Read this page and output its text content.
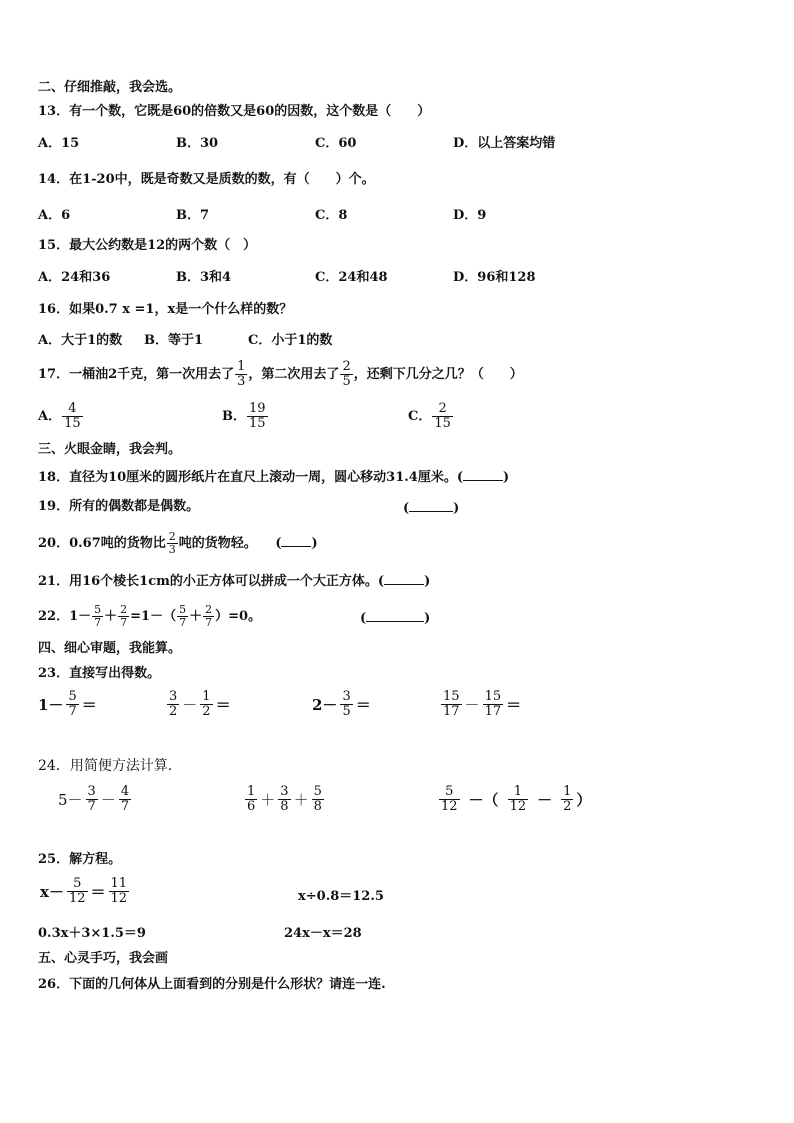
二、仔细推敲，我会选。
13．有一个数，它既是60的倍数又是60的因数，这个数是（　　）
A．15	B．30	C．60	D．以上答案均错
14．在1-20中，既是奇数又是质数的数，有（　　）个。
A．6	B．7	C．8	D．9
15．最大公约数是12的两个数（　）
A．24和36	B．3和4	C．24和48	D．96和128
16．如果0.7 x =1，x是一个什么样的数？
A．大于1的数 B．等于1	C．小于1的数
17．一桶油2千克，第一次用去了 $\frac{1}{3}$ ，第二次用去了 $\frac{2}{5}$ ，还剩下几分之几？（　　）
A． $\frac{4}{15}$	B． $\frac{19}{15}$	C． $\frac{2}{15}$
三、火眼金睛，我会判。
18．直径为10厘米的圆形纸片在直尺上滚动一周，圆心移动31.4厘米。(	)
19．所有的偶数都是偶数。	(	)
20．0.67吨的货物比 $\frac{2}{3}$ 吨的货物轻。 ( )
21．用16个棱长1cm的小正方体可以拼成一个大正方体。(	)
22．$1- \frac{5}{7} + \frac{2}{7} =1-( \frac{5}{7} + \frac{2}{7} )=0$。	(	)
四、细心审题，我能算。
23．直接写出得数。
$1- \frac{5}{7}$ ＝	$\frac{3}{2} - \frac{1}{2}$ ＝	$2- \frac{3}{5}$ ＝	$\frac{15}{17} - \frac{15}{17}$ ＝
24．用简便方法计算.
$5- \frac{3}{7} - \frac{4}{7}$	$\frac{1}{6} + \frac{3}{8} + \frac{5}{8}$	$\frac{5}{12}$ －（ $\frac{1}{12} - \frac{1}{2}$ ）
25．解方程。
$x- \frac{5}{12} = \frac{11}{12}$	x÷0.8＝12.5
0.3x＋3×1.5＝9	24x－x＝28
五、心灵手巧，我会画
26．下面的几何体从上面看到的分别是什么形状？请连一连.
